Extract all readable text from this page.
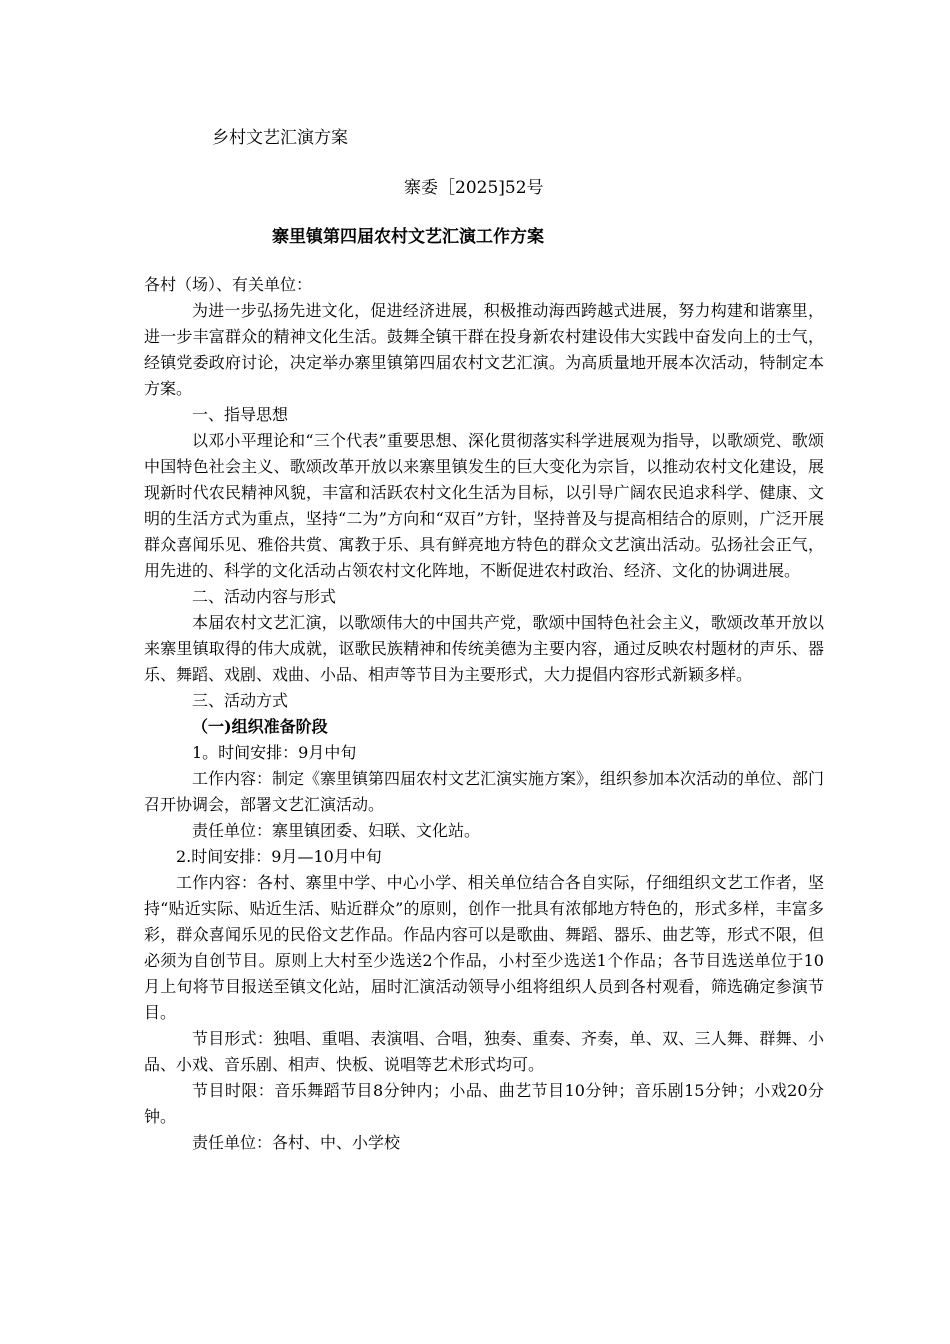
乡村文艺汇演方案
寨委［2025]52号
寨里镇第四届农村文艺汇演工作方案

各村（场）、有关单位：

为进一步弘扬先进文化，促进经济进展，积极推动海西跨越式进展，努力构建和谐寨里，进一步丰富群众的精神文化生活。鼓舞全镇干群在投身新农村建设伟大实践中奋发向上的士气，经镇党委政府讨论，决定举办寨里镇第四届农村文艺汇演。为高质量地开展本次活动，特制定本方案。

一、指导思想

以邓小平理论和“三个代表”重要思想、深化贯彻落实科学进展观为指导，以歌颂党、歌颂中国特色社会主义、歌颂改革开放以来寨里镇发生的巨大变化为宗旨，以推动农村文化建设，展现新时代农民精神风貌，丰富和活跃农村文化生活为目标，以引导广阔农民追求科学、健康、文明的生活方式为重点，坚持“二为”方向和“双百”方针，坚持普及与提高相结合的原则，广泛开展群众喜闻乐见、雅俗共赏、寓教于乐、具有鲜亮地方特色的群众文艺演出活动。弘扬社会正气，用先进的、科学的文化活动占领农村文化阵地，不断促进农村政治、经济、文化的协调进展。

二、活动内容与形式

本届农村文艺汇演，以歌颂伟大的中国共产党，歌颂中国特色社会主义，歌颂改革开放以来寨里镇取得的伟大成就，讴歌民族精神和传统美德为主要内容，通过反映农村题材的声乐、器乐、舞蹈、戏剧、戏曲、小品、相声等节目为主要形式，大力提倡内容形式新颖多样。

三、活动方式

（一)组织准备阶段

1。时间安排：9月中旬

工作内容：制定《寨里镇第四届农村文艺汇演实施方案》，组织参加本次活动的单位、部门召开协调会，部署文艺汇演活动。

责任单位：寨里镇团委、妇联、文化站。

2.时间安排：9月—10月中旬

工作内容：各村、寨里中学、中心小学、相关单位结合各自实际，仔细组织文艺工作者，坚持“贴近实际、贴近生活、贴近群众”的原则，创作一批具有浓郁地方特色的，形式多样，丰富多彩，群众喜闻乐见的民俗文艺作品。作品内容可以是歌曲、舞蹈、器乐、曲艺等，形式不限，但必须为自创节目。原则上大村至少选送2个作品，小村至少选送1个作品；各节目选送单位于10月上旬将节目报送至镇文化站，届时汇演活动领导小组将组织人员到各村观看，筛选确定参演节目。

节目形式：独唱、重唱、表演唱、合唱，独奏、重奏、齐奏，单、双、三人舞、群舞、小品、小戏、音乐剧、相声、快板、说唱等艺术形式均可。

节目时限：音乐舞蹈节目8分钟内；小品、曲艺节目10分钟；音乐剧15分钟；小戏20分钟。

责任单位：各村、中、小学校
